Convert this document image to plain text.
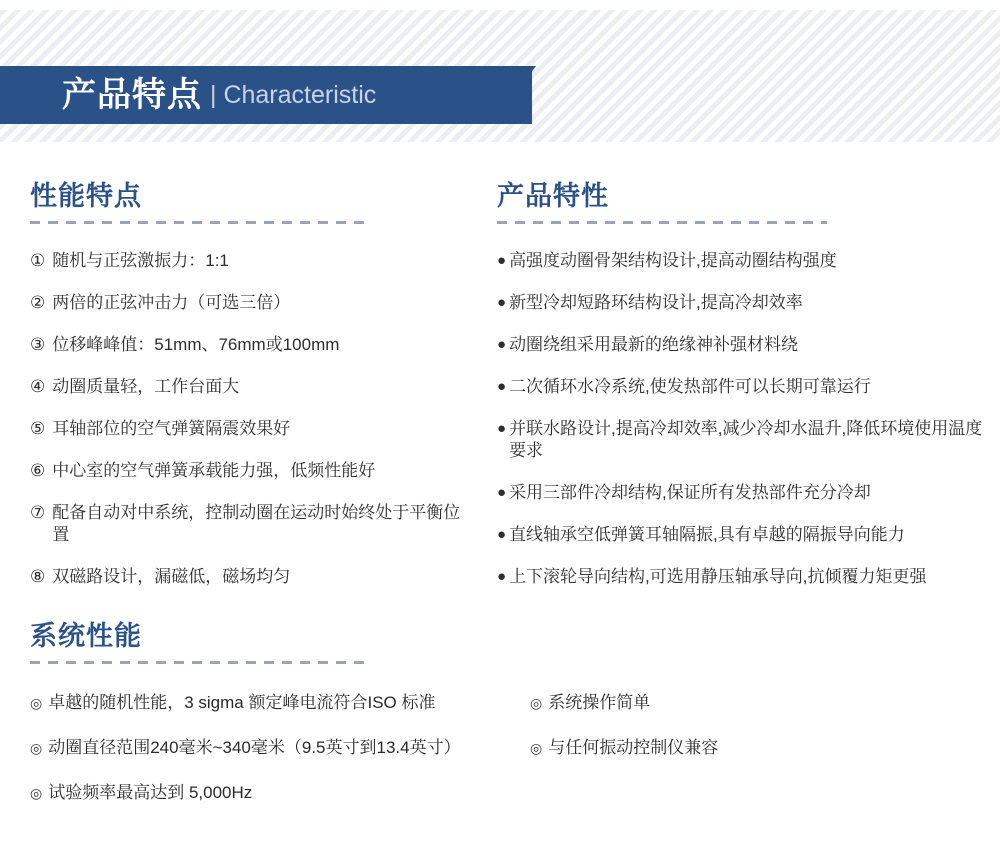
产品特点 | Characteristic
性能特点
① 随机与正弦激振力：1:1
② 两倍的正弦冲击力（可选三倍）
③ 位移峰峰值：51mm、76mm或100mm
④ 动圈质量轻，工作台面大
⑤ 耳轴部位的空气弹簧隔震效果好
⑥ 中心室的空气弹簧承载能力强，低频性能好
⑦ 配备自动对中系统，控制动圈在运动时始终处于平衡位置
⑧ 双磁路设计，漏磁低，磁场均匀
产品特性
● 高强度动圈骨架结构设计,提高动圈结构强度
● 新型冷却短路环结构设计,提高冷却效率
● 动圈绕组采用最新的绝缘神补强材料绕
● 二次循环水冷系统,使发热部件可以长期可靠运行
● 并联水路设计,提高冷却效率,减少冷却水温升,降低环境使用温度要求
● 采用三部件冷却结构,保证所有发热部件充分冷却
● 直线轴承空低弹簧耳轴隔振,具有卓越的隔振导向能力
● 上下滚轮导向结构,可选用静压轴承导向,抗倾覆力矩更强
系统性能
◎ 卓越的随机性能，3 sigma 额定峰电流符合ISO 标准	◎ 系统操作简单
◎ 动圈直径范围240毫米~340毫米（9.5英寸到13.4英寸）	◎ 与任何振动控制仪兼容
◎ 试验频率最高达到 5,000Hz
